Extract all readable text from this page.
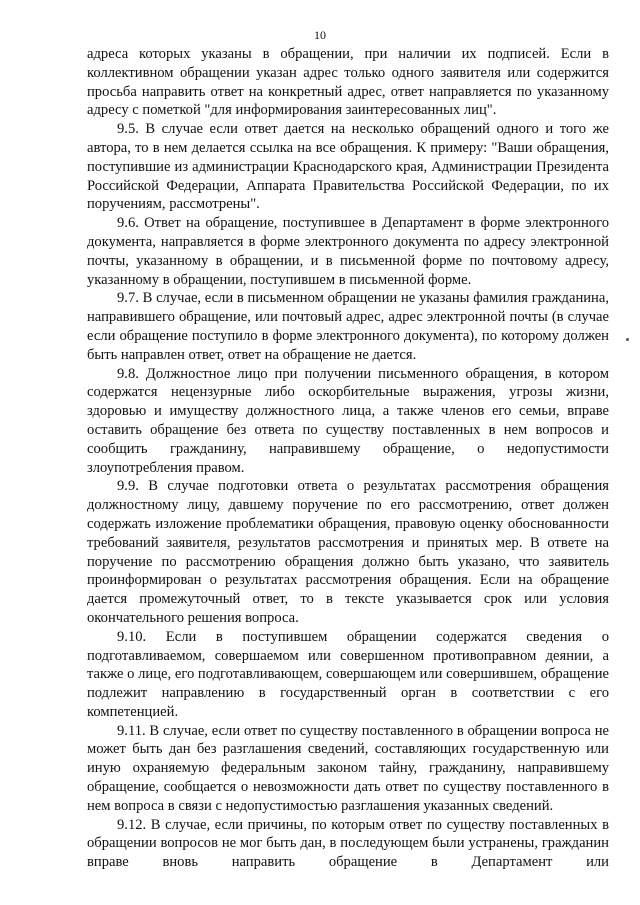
10

адреса которых указаны в обращении, при наличии их подписей. Если в коллективном обращении указан адрес только одного заявителя или содержится просьба направить ответ на конкретный адрес, ответ направляется по указанному адресу с пометкой "для информирования заинтересованных лиц".

9.5. В случае если ответ дается на несколько обращений одного и того же автора, то в нем делается ссылка на все обращения. К примеру: "Ваши обращения, поступившие из администрации Краснодарского края, Администрации Президента Российской Федерации, Аппарата Правительства Российской Федерации, по их поручениям, рассмотрены".

9.6. Ответ на обращение, поступившее в Департамент в форме электронного документа, направляется в форме электронного документа по адресу электронной почты, указанному в обращении, и в письменной форме по почтовому адресу, указанному в обращении, поступившем в письменной форме.

9.7. В случае, если в письменном обращении не указаны фамилия гражданина, направившего обращение, или почтовый адрес, адрес электронной почты (в случае если обращение поступило в форме электронного документа), по которому должен быть направлен ответ, ответ на обращение не дается.

9.8. Должностное лицо при получении письменного обращения, в котором содержатся нецензурные либо оскорбительные выражения, угрозы жизни, здоровью и имуществу должностного лица, а также членов его семьи, вправе оставить обращение без ответа по существу поставленных в нем вопросов и сообщить гражданину, направившему обращение, о недопустимости злоупотребления правом.

9.9. В случае подготовки ответа о результатах рассмотрения обращения должностному лицу, давшему поручение по его рассмотрению, ответ должен содержать изложение проблематики обращения, правовую оценку обоснованности требований заявителя, результатов рассмотрения и принятых мер. В ответе на поручение по рассмотрению обращения должно быть указано, что заявитель проинформирован о результатах рассмотрения обращения. Если на обращение дается промежуточный ответ, то в тексте указывается срок или условия окончательного решения вопроса.

9.10. Если в поступившем обращении содержатся сведения о подготавливаемом, совершаемом или совершенном противоправном деянии, а также о лице, его подготавливающем, совершающем или совершившем, обращение подлежит направлению в государственный орган в соответствии с его компетенцией.

9.11. В случае, если ответ по существу поставленного в обращении вопроса не может быть дан без разглашения сведений, составляющих государственную или иную охраняемую федеральным законом тайну, гражданину, направившему обращение, сообщается о невозможности дать ответ по существу поставленного в нем вопроса в связи с недопустимостью разглашения указанных сведений.

9.12. В случае, если причины, по которым ответ по существу поставленных в обращении вопросов не мог быть дан, в последующем были устранены, гражданин вправе вновь направить обращение в Департамент или
